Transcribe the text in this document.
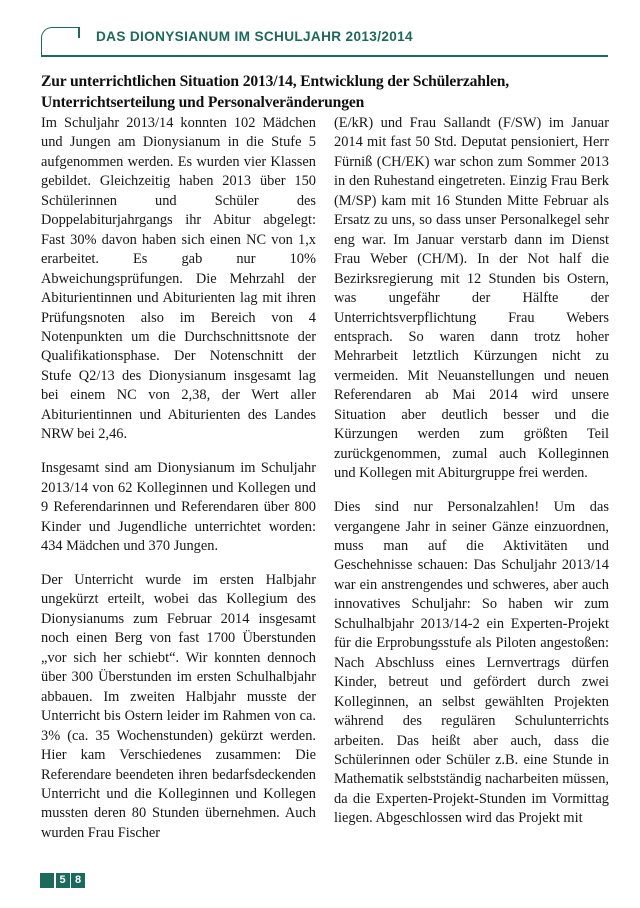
DAS DIONYSIANUM IM SCHULJAHR 2013/2014
Zur unterrichtlichen Situation 2013/14, Entwicklung der Schülerzahlen, Unterrichtserteilung und Personalveränderungen

Im Schuljahr 2013/14 konnten 102 Mädchen und Jungen am Dionysianum in die Stufe 5 aufgenommen werden. Es wurden vier Klassen gebildet. Gleichzeitig haben 2013 über 150 Schülerinnen und Schüler des Doppelabiturjahrgangs ihr Abitur abgelegt: Fast 30% davon haben sich einen NC von 1,x erarbeitet. Es gab nur 10% Abweichungsprüfungen. Die Mehrzahl der Abiturientinnen und Abiturienten lag mit ihren Prüfungsnoten also im Bereich von 4 Notenpunkten um die Durchschnittsnote der Qualifikationsphase. Der Notenschnitt der Stufe Q2/13 des Dionysianum insgesamt lag bei einem NC von 2,38, der Wert aller Abiturientinnen und Abiturienten des Landes NRW bei 2,46.

Insgesamt sind am Dionysianum im Schuljahr 2013/14 von 62 Kolleginnen und Kollegen und 9 Referendarinnen und Referendaren über 800 Kinder und Jugendliche unterrichtet worden: 434 Mädchen und 370 Jungen.

Der Unterricht wurde im ersten Halbjahr ungekürzt erteilt, wobei das Kollegium des Dionysianums zum Februar 2014 insgesamt noch einen Berg von fast 1700 Überstunden „vor sich her schiebt“. Wir konnten dennoch über 300 Überstunden im ersten Schulhalbjahr abbauen. Im zweiten Halbjahr musste der Unterricht bis Ostern leider im Rahmen von ca. 3% (ca. 35 Wochenstunden) gekürzt werden. Hier kam Verschiedenes zusammen: Die Referendare beendeten ihren bedarfsdeckenden Unterricht und die Kolleginnen und Kollegen mussten deren 80 Stunden übernehmen. Auch wurden Frau Fischer

(E/kR) und Frau Sallandt (F/SW) im Januar 2014 mit fast 50 Std. Deputat pensioniert, Herr Fürniß (CH/EK) war schon zum Sommer 2013 in den Ruhestand eingetreten. Einzig Frau Berk (M/SP) kam mit 16 Stunden Mitte Februar als Ersatz zu uns, so dass unser Personalkegel sehr eng war. Im Januar verstarb dann im Dienst Frau Weber (CH/M). In der Not half die Bezirksregierung mit 12 Stunden bis Ostern, was ungefähr der Hälfte der Unterrichtsverpflichtung Frau Webers entsprach. So waren dann trotz hoher Mehrarbeit letztlich Kürzungen nicht zu vermeiden. Mit Neuanstellungen und neuen Referendaren ab Mai 2014 wird unsere Situation aber deutlich besser und die Kürzungen werden zum größten Teil zurückgenommen, zumal auch Kolleginnen und Kollegen mit Abiturgruppe frei werden.

Dies sind nur Personalzahlen! Um das vergangene Jahr in seiner Gänze einzuordnen, muss man auf die Aktivitäten und Geschehnisse schauen: Das Schuljahr 2013/14 war ein anstrengendes und schweres, aber auch innovatives Schuljahr: So haben wir zum Schulhalbjahr 2013/14-2 ein Experten-Projekt für die Erprobungsstufe als Piloten angestoßen: Nach Abschluss eines Lernvertrags dürfen Kinder, betreut und gefördert durch zwei Kolleginnen, an selbst gewählten Projekten während des regulären Schulunterrichts arbeiten. Das heißt aber auch, dass die Schülerinnen oder Schüler z.B. eine Stunde in Mathematik selbstständig nacharbeiten müssen, da die Experten-Projekt-Stunden im Vormittag liegen. Abgeschlossen wird das Projekt mit

5 8
